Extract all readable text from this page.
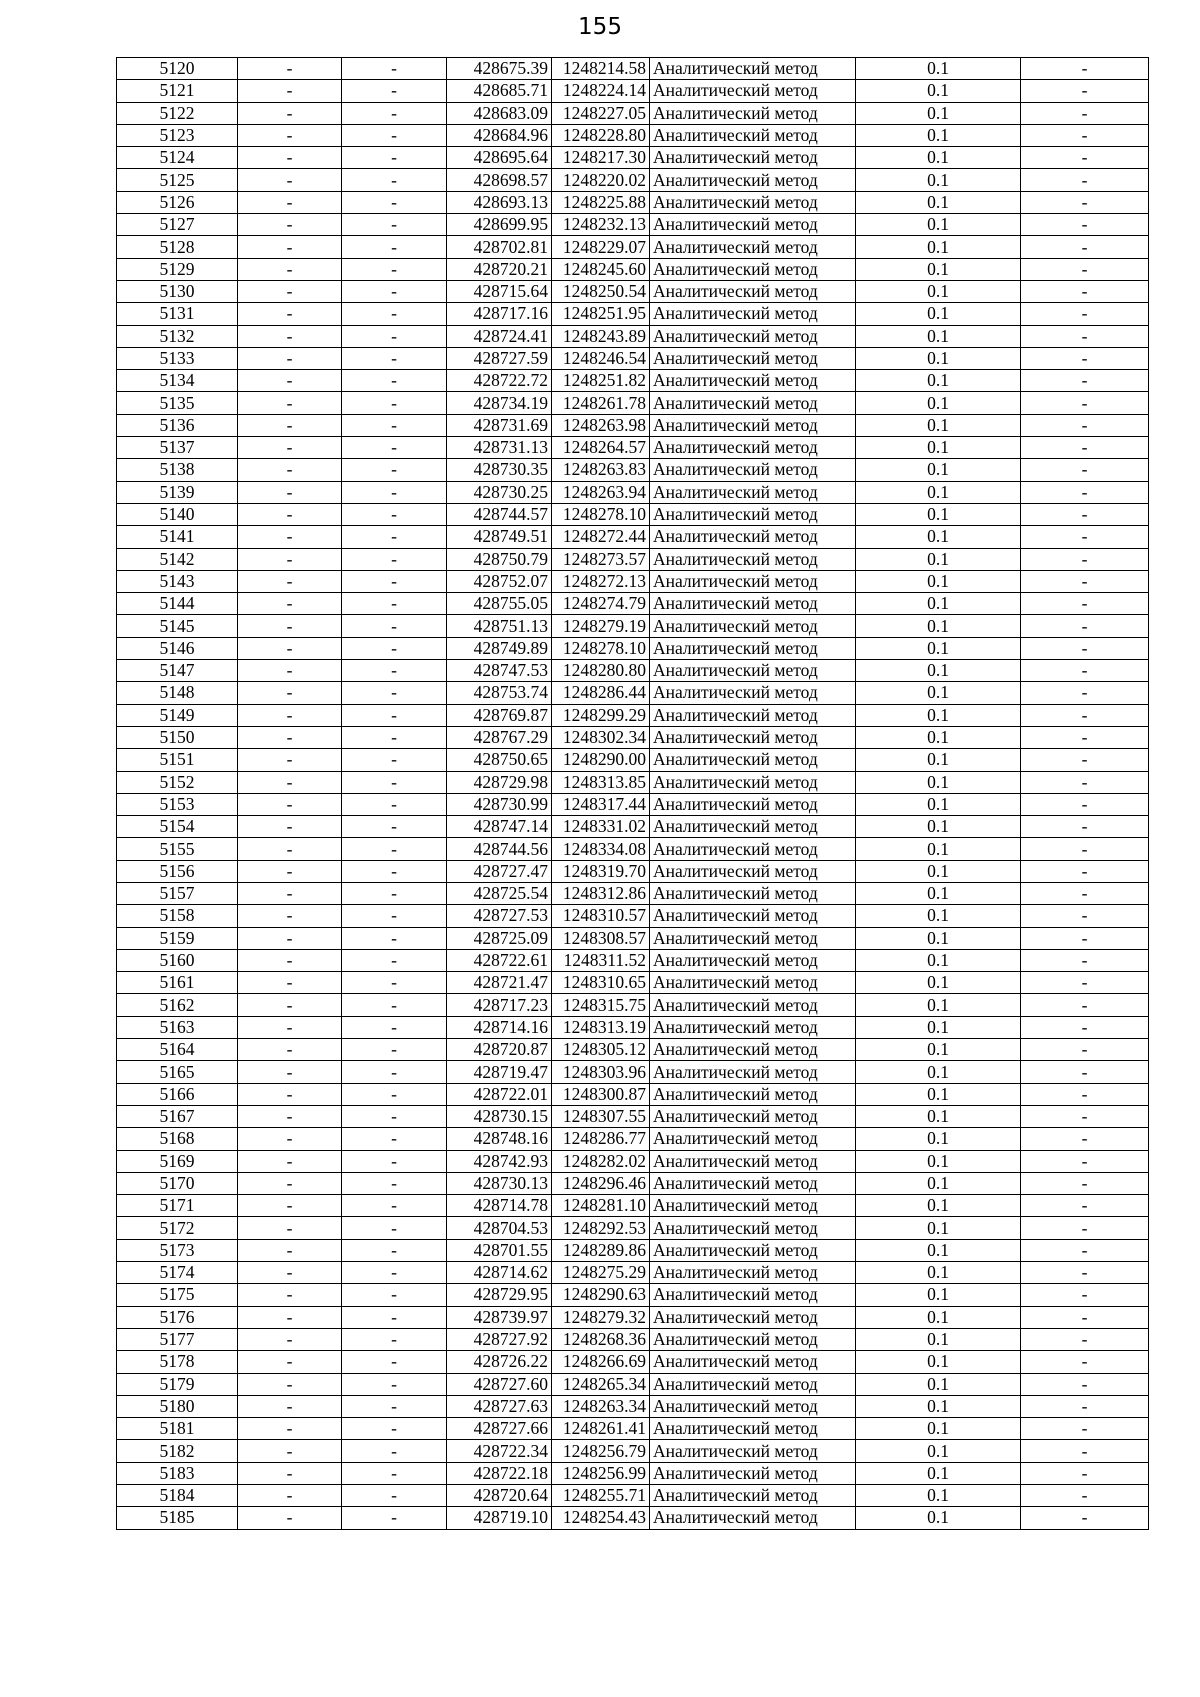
155
5120	-	-	428675.39	1248214.58	Аналитический метод	0.1	-
5121	-	-	428685.71	1248224.14	Аналитический метод	0.1	-
5122	-	-	428683.09	1248227.05	Аналитический метод	0.1	-
5123	-	-	428684.96	1248228.80	Аналитический метод	0.1	-
5124	-	-	428695.64	1248217.30	Аналитический метод	0.1	-
5125	-	-	428698.57	1248220.02	Аналитический метод	0.1	-
5126	-	-	428693.13	1248225.88	Аналитический метод	0.1	-
5127	-	-	428699.95	1248232.13	Аналитический метод	0.1	-
5128	-	-	428702.81	1248229.07	Аналитический метод	0.1	-
5129	-	-	428720.21	1248245.60	Аналитический метод	0.1	-
5130	-	-	428715.64	1248250.54	Аналитический метод	0.1	-
5131	-	-	428717.16	1248251.95	Аналитический метод	0.1	-
5132	-	-	428724.41	1248243.89	Аналитический метод	0.1	-
5133	-	-	428727.59	1248246.54	Аналитический метод	0.1	-
5134	-	-	428722.72	1248251.82	Аналитический метод	0.1	-
5135	-	-	428734.19	1248261.78	Аналитический метод	0.1	-
5136	-	-	428731.69	1248263.98	Аналитический метод	0.1	-
5137	-	-	428731.13	1248264.57	Аналитический метод	0.1	-
5138	-	-	428730.35	1248263.83	Аналитический метод	0.1	-
5139	-	-	428730.25	1248263.94	Аналитический метод	0.1	-
5140	-	-	428744.57	1248278.10	Аналитический метод	0.1	-
5141	-	-	428749.51	1248272.44	Аналитический метод	0.1	-
5142	-	-	428750.79	1248273.57	Аналитический метод	0.1	-
5143	-	-	428752.07	1248272.13	Аналитический метод	0.1	-
5144	-	-	428755.05	1248274.79	Аналитический метод	0.1	-
5145	-	-	428751.13	1248279.19	Аналитический метод	0.1	-
5146	-	-	428749.89	1248278.10	Аналитический метод	0.1	-
5147	-	-	428747.53	1248280.80	Аналитический метод	0.1	-
5148	-	-	428753.74	1248286.44	Аналитический метод	0.1	-
5149	-	-	428769.87	1248299.29	Аналитический метод	0.1	-
5150	-	-	428767.29	1248302.34	Аналитический метод	0.1	-
5151	-	-	428750.65	1248290.00	Аналитический метод	0.1	-
5152	-	-	428729.98	1248313.85	Аналитический метод	0.1	-
5153	-	-	428730.99	1248317.44	Аналитический метод	0.1	-
5154	-	-	428747.14	1248331.02	Аналитический метод	0.1	-
5155	-	-	428744.56	1248334.08	Аналитический метод	0.1	-
5156	-	-	428727.47	1248319.70	Аналитический метод	0.1	-
5157	-	-	428725.54	1248312.86	Аналитический метод	0.1	-
5158	-	-	428727.53	1248310.57	Аналитический метод	0.1	-
5159	-	-	428725.09	1248308.57	Аналитический метод	0.1	-
5160	-	-	428722.61	1248311.52	Аналитический метод	0.1	-
5161	-	-	428721.47	1248310.65	Аналитический метод	0.1	-
5162	-	-	428717.23	1248315.75	Аналитический метод	0.1	-
5163	-	-	428714.16	1248313.19	Аналитический метод	0.1	-
5164	-	-	428720.87	1248305.12	Аналитический метод	0.1	-
5165	-	-	428719.47	1248303.96	Аналитический метод	0.1	-
5166	-	-	428722.01	1248300.87	Аналитический метод	0.1	-
5167	-	-	428730.15	1248307.55	Аналитический метод	0.1	-
5168	-	-	428748.16	1248286.77	Аналитический метод	0.1	-
5169	-	-	428742.93	1248282.02	Аналитический метод	0.1	-
5170	-	-	428730.13	1248296.46	Аналитический метод	0.1	-
5171	-	-	428714.78	1248281.10	Аналитический метод	0.1	-
5172	-	-	428704.53	1248292.53	Аналитический метод	0.1	-
5173	-	-	428701.55	1248289.86	Аналитический метод	0.1	-
5174	-	-	428714.62	1248275.29	Аналитический метод	0.1	-
5175	-	-	428729.95	1248290.63	Аналитический метод	0.1	-
5176	-	-	428739.97	1248279.32	Аналитический метод	0.1	-
5177	-	-	428727.92	1248268.36	Аналитический метод	0.1	-
5178	-	-	428726.22	1248266.69	Аналитический метод	0.1	-
5179	-	-	428727.60	1248265.34	Аналитический метод	0.1	-
5180	-	-	428727.63	1248263.34	Аналитический метод	0.1	-
5181	-	-	428727.66	1248261.41	Аналитический метод	0.1	-
5182	-	-	428722.34	1248256.79	Аналитический метод	0.1	-
5183	-	-	428722.18	1248256.99	Аналитический метод	0.1	-
5184	-	-	428720.64	1248255.71	Аналитический метод	0.1	-
5185	-	-	428719.10	1248254.43	Аналитический метод	0.1	-
